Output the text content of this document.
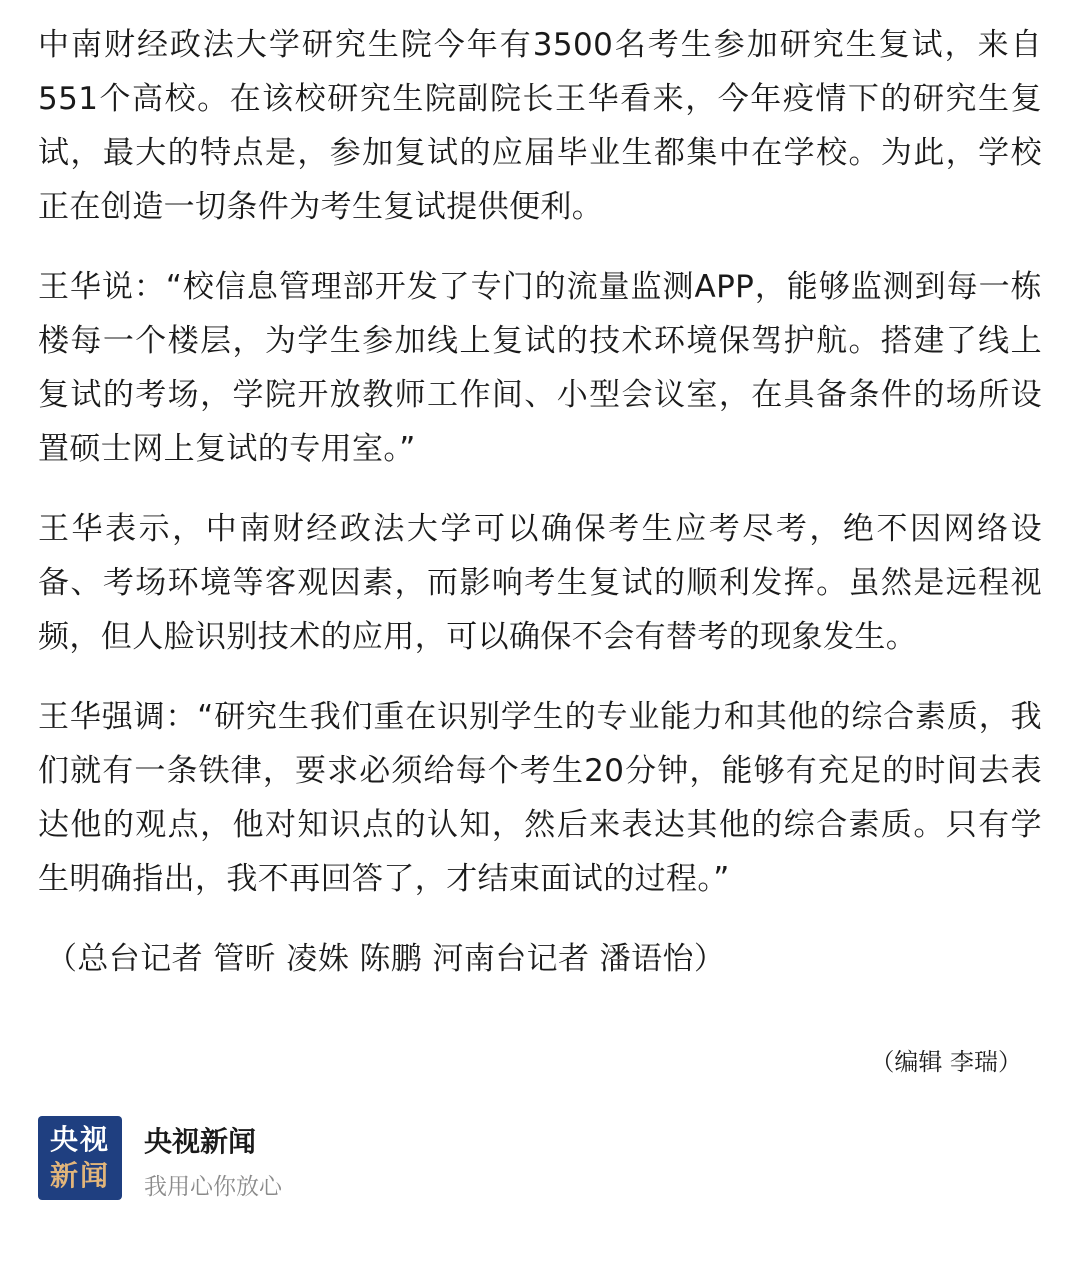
中南财经政法大学研究生院今年有3500名考生参加研究生复试，来自551个高校。在该校研究生院副院长王华看来，今年疫情下的研究生复试，最大的特点是，参加复试的应届毕业生都集中在学校。为此，学校正在创造一切条件为考生复试提供便利。

王华说：“校信息管理部开发了专门的流量监测APP，能够监测到每一栋楼每一个楼层，为学生参加线上复试的技术环境保驾护航。搭建了线上复试的考场，学院开放教师工作间、小型会议室，在具备条件的场所设置硕士网上复试的专用室。”

王华表示，中南财经政法大学可以确保考生应考尽考，绝不因网络设备、考场环境等客观因素，而影响考生复试的顺利发挥。虽然是远程视频，但人脸识别技术的应用，可以确保不会有替考的现象发生。

王华强调：“研究生我们重在识别学生的专业能力和其他的综合素质，我们就有一条铁律，要求必须给每个考生20分钟，能够有充足的时间去表达他的观点，他对知识点的认知，然后来表达其他的综合素质。只有学生明确指出，我不再回答了，才结束面试的过程。”

（总台记者 管昕 凌姝 陈鹏 河南台记者 潘语怡）

（编辑 李瑞）
央视
新闻
央视新闻
我用心你放心
